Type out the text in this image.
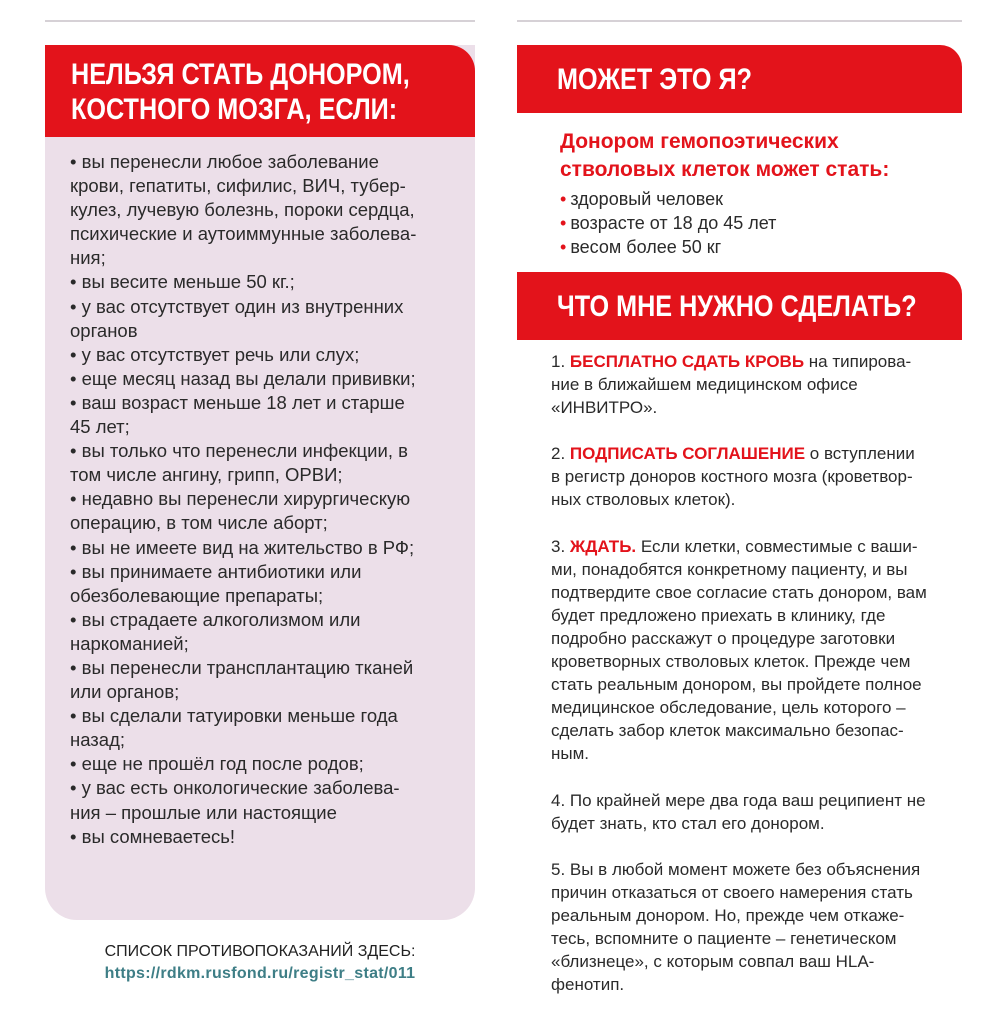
НЕЛЬЗЯ СТАТЬ ДОНОРОМ,
КОСТНОГО МОЗГА, ЕСЛИ:
• вы перенесли любое заболевание
крови, гепатиты, сифилис, ВИЧ, тубер-
кулез, лучевую болезнь, пороки сердца,
психические и аутоиммунные заболева-
ния;
• вы весите меньше 50 кг.;
• у вас отсутствует один из внутренних
органов
• у вас отсутствует речь или слух;
• еще месяц назад вы делали прививки;
• ваш возраст меньше 18 лет и старше
45 лет;
• вы только что перенесли инфекции, в
том числе ангину, грипп, ОРВИ;
• недавно вы перенесли хирургическую
операцию, в том числе аборт;
• вы не имеете вид на жительство в РФ;
• вы принимаете антибиотики или
обезболевающие препараты;
• вы страдаете алкоголизмом или
наркоманией;
• вы перенесли трансплантацию тканей
или органов;
• вы сделали татуировки меньше года
назад;
• еще не прошёл год после родов;
• у вас есть онкологические заболева-
ния – прошлые или настоящие
• вы сомневаетесь!
СПИСОК ПРОТИВОПОКАЗАНИЙ ЗДЕСЬ:
https://rdkm.rusfond.ru/registr_stat/011
МОЖЕТ ЭТО Я?
Донором гемопоэтических
стволовых клеток может стать:
• здоровый человек
• возрасте от 18 до 45 лет
• весом более 50 кг
ЧТО МНЕ НУЖНО СДЕЛАТЬ?
1. БЕСПЛАТНО СДАТЬ КРОВЬ на типирова-
ние в ближайшем медицинском офисе
«ИНВИТРО».
2. ПОДПИСАТЬ СОГЛАШЕНИЕ о вступлении
в регистр доноров костного мозга (кроветвор-
ных стволовых клеток).
3. ЖДАТЬ. Если клетки, совместимые с ваши-
ми, понадобятся конкретному пациенту, и вы
подтвердите свое согласие стать донором, вам
будет предложено приехать в клинику, где
подробно расскажут о процедуре заготовки
кроветворных стволовых клеток. Прежде чем
стать реальным донором, вы пройдете полное
медицинское обследование, цель которого –
сделать забор клеток максимально безопас-
ным.
4. По крайней мере два года ваш реципиент не
будет знать, кто стал его донором.
5. Вы в любой момент можете без объяснения
причин отказаться от своего намерения стать
реальным донором. Но, прежде чем откаже-
тесь, вспомните о пациенте – генетическом
«близнеце», с которым совпал ваш HLA-
фенотип.
